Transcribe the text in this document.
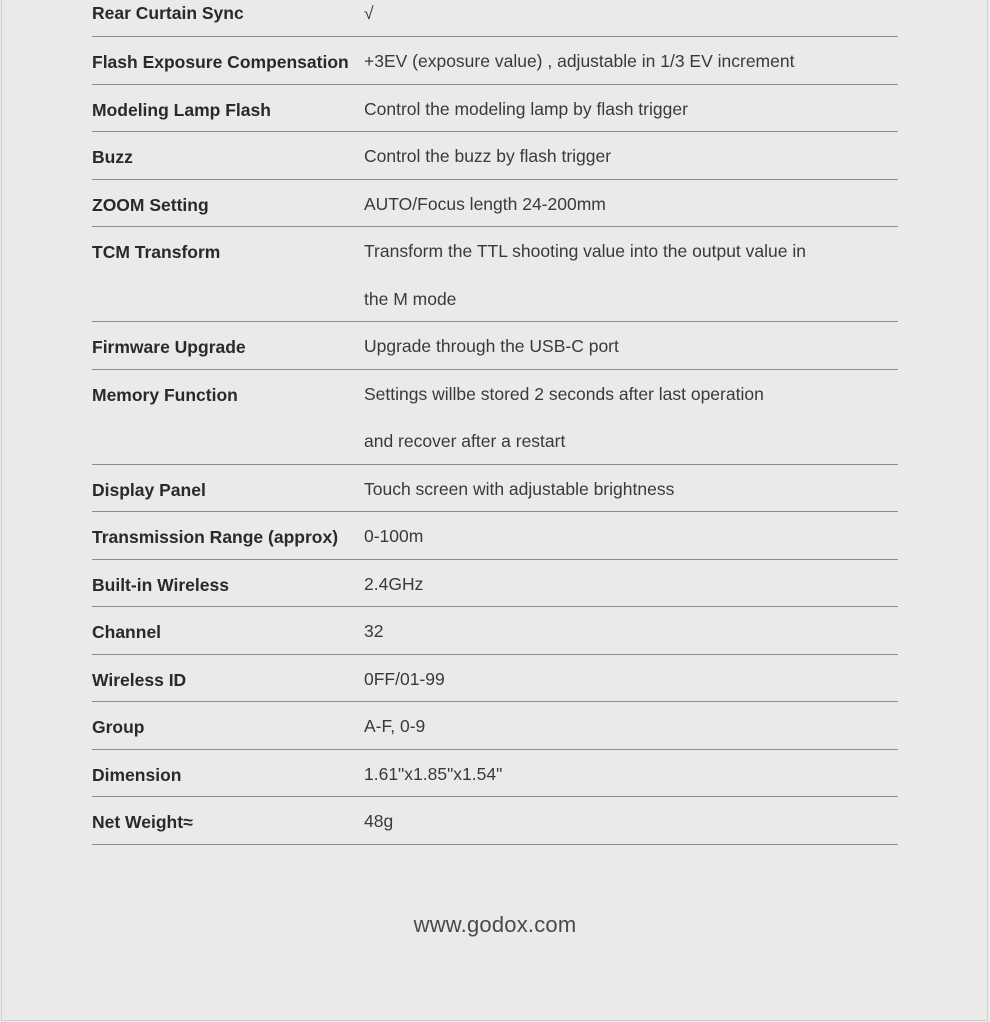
Rear Curtain Sync	√
Flash Exposure Compensation +3EV (exposure value) , adjustable in 1/3 EV increment
Modeling Lamp Flash	Control the modeling lamp by flash trigger
Buzz	Control the buzz by flash trigger
ZOOM Setting	AUTO/Focus length 24-200mm
TCM Transform	Transform the TTL shooting value into the output value in
the M mode
Firmware Upgrade	Upgrade through the USB-C port
Memory Function	Settings willbe stored 2 seconds after last operation
and recover after a restart
Display Panel	Touch screen with adjustable brightness
Transmission Range (approx)	0-100m
Built-in Wireless	2.4GHz
Channel	32
Wireless ID	0FF/01-99
Group	A-F, 0-9
Dimension	1.61"x1.85"x1.54"
Net Weight≈	48g
www.godox.com
